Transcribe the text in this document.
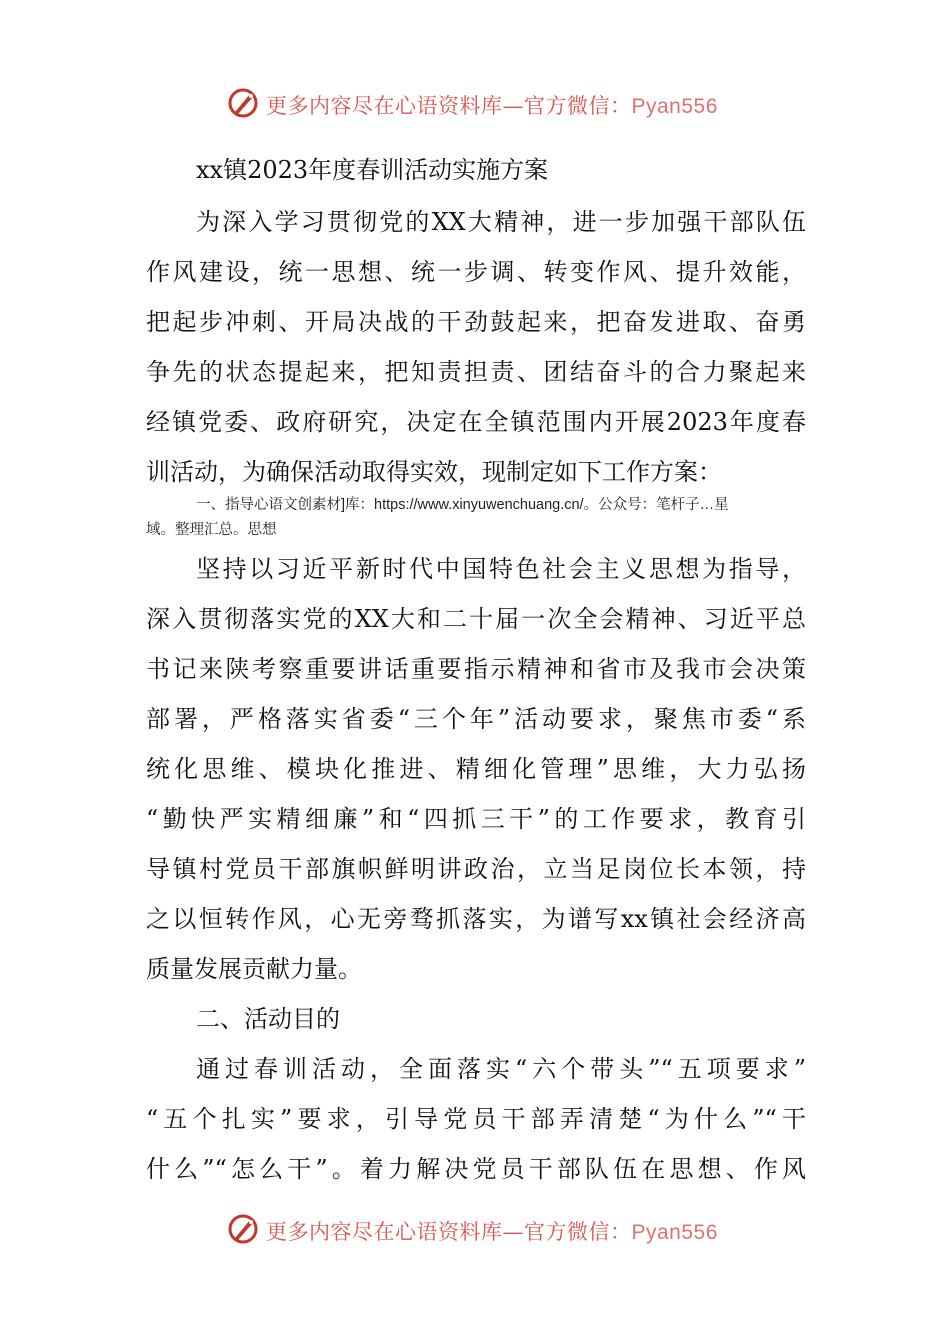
更多内容尽在心语资料库—官方微信：Pyan556
xx镇2023年度春训活动实施方案
为深入学习贯彻党的XX大精神，进一步加强干部队伍
作风建设，统一思想、统一步调、转变作风、提升效能，
把起步冲刺、开局决战的干劲鼓起来，把奋发进取、奋勇
争先的状态提起来，把知责担责、团结奋斗的合力聚起来
经镇党委、政府研究，决定在全镇范围内开展2023年度春
训活动，为确保活动取得实效，现制定如下工作方案：
一、指导心语文创素材]库：https://www.xinyuwenchuang.cn/。公众号：笔杆子…星
域。整理汇总。思想
坚持以习近平新时代中国特色社会主义思想为指导，
深入贯彻落实党的XX大和二十届一次全会精神、习近平总
书记来陕考察重要讲话重要指示精神和省市及我市会决策
部署，严格落实省委“三个年”活动要求，聚焦市委“系
统化思维、模块化推进、精细化管理”思维，大力弘扬
“勤快严实精细廉”和“四抓三干”的工作要求，教育引
导镇村党员干部旗帜鲜明讲政治，立当足岗位长本领，持
之以恒转作风，心无旁骛抓落实，为谱写xx镇社会经济高
质量发展贡献力量。
二、活动目的
通过春训活动，全面落实“六个带头”“五项要求”
“五个扎实”要求，引导党员干部弄清楚“为什么”“干
什么”“怎么干”。着力解决党员干部队伍在思想、作风
更多内容尽在心语资料库—官方微信：Pyan556
